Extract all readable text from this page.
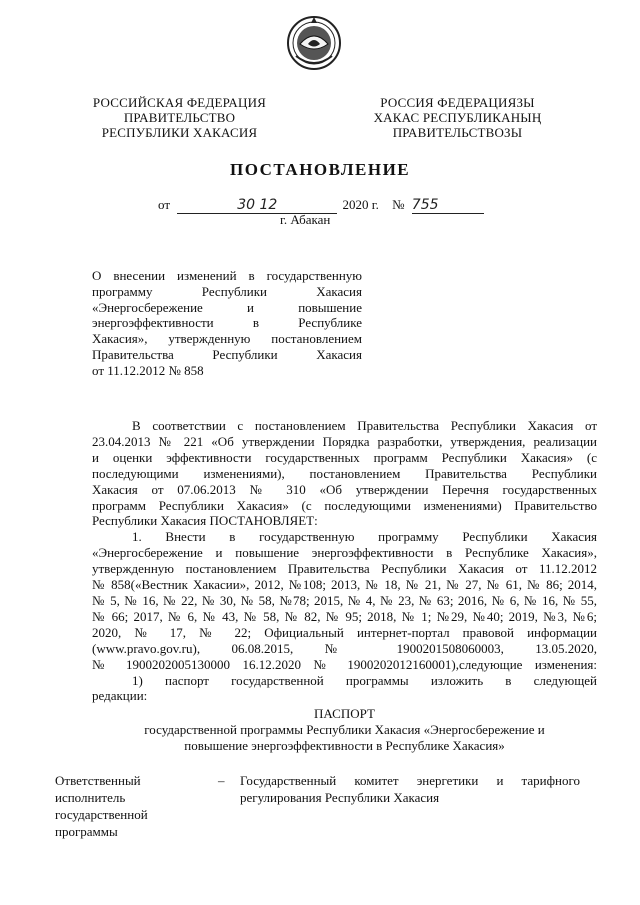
РОССИЙСКАЯ ФЕДЕРАЦИЯ
ПРАВИТЕЛЬСТВО
РЕСПУБЛИКИ ХАКАСИЯ
РОССИЯ ФЕДЕРАЦИЯЗЫ
ХАКАС РЕСПУБЛИКАНЫҢ
ПРАВИТЕЛЬСТВОЗЫ
ПОСТАНОВЛЕНИЕ
от	30 12	2020 г. № 755
г. Абакан
О внесении изменений в государственную
программу Республики Хакасия
«Энергосбережение и повышение
энергоэффективности в Республике
Хакасия», утвержденную постановлением
Правительства Республики Хакасия
от 11.12.2012 № 858
В соответствии с постановлением Правительства Республики Хакасия от
23.04.2013 № 221 «Об утверждении Порядка разработки, утверждения, реализации
и оценки эффективности государственных программ Республики Хакасия» (с
последующими изменениями), постановлением Правительства Республики
Хакасия от 07.06.2013 № 310 «Об утверждении Перечня государственных
программ Республики Хакасия» (с последующими изменениями) Правительство
Республики Хакасия ПОСТАНОВЛЯЕТ:
1. Внести в государственную программу Республики Хакасия
«Энергосбережение и повышение энергоэффективности в Республике Хакасия»,
утвержденную постановлением Правительства Республики Хакасия от 11.12.2012
№ 858(«Вестник Хакасии», 2012, №108; 2013, № 18, № 21, № 27, № 61, № 86; 2014,
№ 5, № 16, № 22, № 30, № 58, №78; 2015, № 4, № 23, № 63; 2016, № 6, № 16, № 55,
№ 66; 2017, № 6, № 43, № 58, № 82, № 95; 2018, № 1; №29, №40; 2019, №3, №6;
2020, № 17, № 22; Официальный интернет-портал правовой информации
(www.pravo.gov.ru), 06.08.2015, № 1900201508060003, 13.05.2020,
№ 1900202005130000 16.12.2020 № 1900202012160001),следующие изменения:
1) паспорт государственной программы изложить в следующей
редакции:
ПАСПОРТ
государственной программы Республики Хакасия «Энергосбережение и
повышение энергоэффективности в Республике Хакасия»
Ответственный
исполнитель
государственной
программы
– Государственный комитет энергетики и тарифного
регулирования Республики Хакасия
